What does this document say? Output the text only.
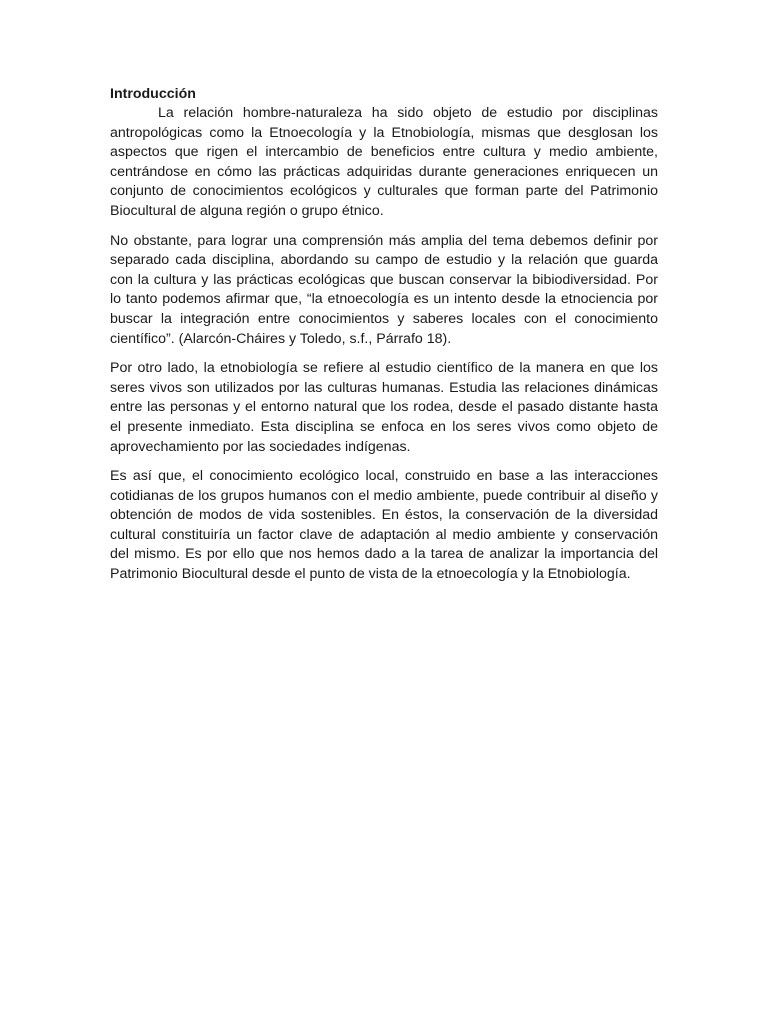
Introducción

La relación hombre-naturaleza ha sido objeto de estudio por disciplinas antropológicas como la Etnoecología y la Etnobiología, mismas que desglosan los aspectos que rigen el intercambio de beneficios entre cultura y medio ambiente, centrándose en cómo las prácticas adquiridas durante generaciones enriquecen un conjunto de conocimientos ecológicos y culturales que forman parte del Patrimonio Biocultural de alguna región o grupo étnico.

No obstante, para lograr una comprensión más amplia del tema debemos definir por separado cada disciplina, abordando su campo de estudio y la relación que guarda con la cultura y las prácticas ecológicas que buscan conservar la bibiodiversidad. Por lo tanto podemos afirmar que, “la etnoecología es un intento desde la etnociencia por buscar la integración entre conocimientos y saberes locales con el conocimiento científico”. (Alarcón-Cháires y Toledo, s.f., Párrafo 18).

Por otro lado, la etnobiología se refiere al estudio científico de la manera en que los seres vivos son utilizados por las culturas humanas. Estudia las relaciones dinámicas entre las personas y el entorno natural que los rodea, desde el pasado distante hasta el presente inmediato. Esta disciplina se enfoca en los seres vivos como objeto de aprovechamiento por las sociedades indígenas.

Es así que, el conocimiento ecológico local, construido en base a las interacciones cotidianas de los grupos humanos con el medio ambiente, puede contribuir al diseño y obtención de modos de vida sostenibles. En éstos, la conservación de la diversidad cultural constituiría un factor clave de adaptación al medio ambiente y conservación del mismo. Es por ello que nos hemos dado a la tarea de analizar la importancia del Patrimonio Biocultural desde el punto de vista de la etnoecología y la Etnobiología.
